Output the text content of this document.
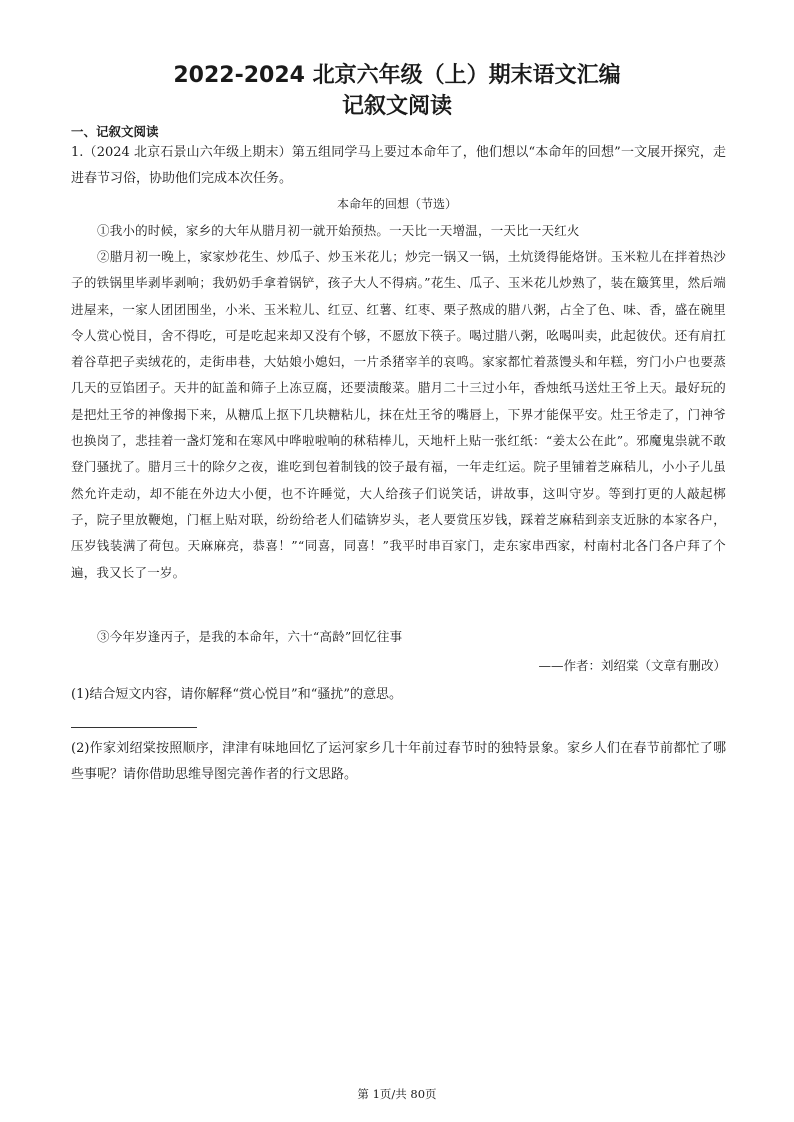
2022-2024 北京六年级（上）期末语文汇编
记叙文阅读
一、记叙文阅读
1.（2024 北京石景山六年级上期末）第五组同学马上要过本命年了，他们想以“本命年的回想”一文展开探究，走进春节习俗，协助他们完成本次任务。
本命年的回想（节选）
①我小的时候，家乡的大年从腊月初一就开始预热。一天比一天增温，一天比一天红火
②腊月初一晚上，家家炒花生、炒瓜子、炒玉米花儿；炒完一锅又一锅，土炕烫得能烙饼。玉米粒儿在拌着热沙子的铁锅里毕剥毕剥响；我奶奶手拿着锅铲，孩子大人不得病。”花生、瓜子、玉米花儿炒熟了，装在簸箕里，然后端进屋来，一家人团团围坐，小米、玉米粒儿、红豆、红薯、红枣、栗子熬成的腊八粥，占全了色、味、香，盛在碗里令人赏心悦目，舍不得吃，可是吃起来却又没有个够，不愿放下筷子。喝过腊八粥，吆喝叫卖，此起彼伏。还有肩扛着谷草把子卖绒花的，走街串巷，大姑娘小媳妇，一片杀猪宰羊的哀鸣。家家都忙着蒸馒头和年糕，穷门小户也要蒸几天的豆馅团子。天井的缸盖和筛子上冻豆腐，还要渍酸菜。腊月二十三过小年，香烛纸马送灶王爷上天。最好玩的是把灶王爷的神像揭下来，从糖瓜上抠下几块糖粘儿，抹在灶王爷的嘴唇上，下界才能保平安。灶王爷走了，门神爷也换岗了，悲挂着一盏灯笼和在寒风中哗啦啦响的秫秸棒儿，天地杆上贴一张红纸：“姜太公在此”。邪魔鬼祟就不敢登门骚扰了。腊月三十的除夕之夜，谁吃到包着制钱的饺子最有福，一年走红运。院子里铺着芝麻秸儿，小小子儿虽然允许走动，却不能在外边大小便，也不许睡觉，大人给孩子们说笑话，讲故事，这叫守岁。等到打更的人敲起梆子，院子里放鞭炮，门框上贴对联，纷纷给老人们磕锛岁头，老人要赏压岁钱，踩着芝麻秸到亲支近脉的本家各户，压岁钱装满了荷包。天麻麻亮，恭喜！”“同喜，同喜！”我平时串百家门，走东家串西家，村南村北各门各户拜了个遍，我又长了一岁。
③今年岁逢丙子，是我的本命年，六十“高龄”回忆往事
——作者：刘绍棠（文章有删改）
(1)结合短文内容，请你解释“赏心悦目”和“骚扰”的意思。
(2)作家刘绍棠按照顺序，津津有味地回忆了运河家乡几十年前过春节时的独特景象。家乡人们在春节前都忙了哪些事呢？请你借助思维导图完善作者的行文思路。
第 1页/共 80页
